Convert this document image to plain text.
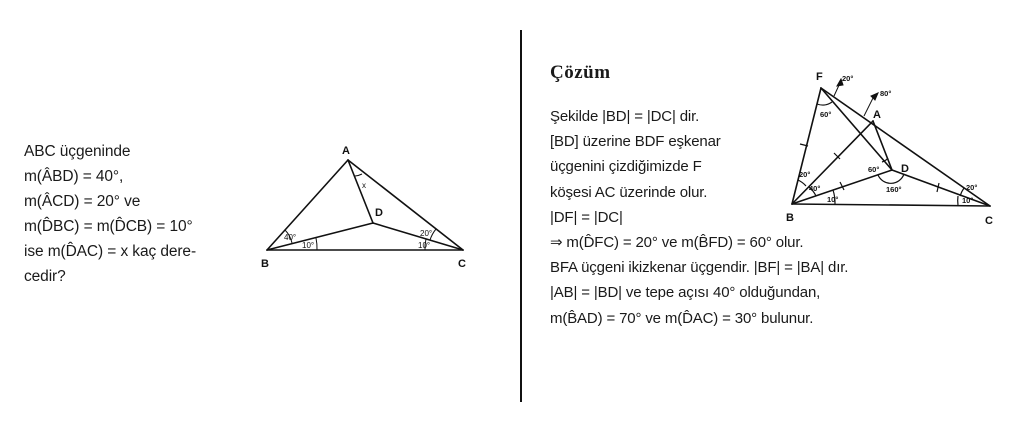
ABC üçgeninde
m(ÂBD) = 40°,
m(ÂCD) = 20° ve
m(D̂BC) = m(D̂CB) = 10°
ise m(D̂AC) = x kaç dere-
cedir?
A
B	C
D
40°
10°
20°
10°
x
Çözüm
Şekilde |BD| = |DC| dir.
[BD] üzerine BDF eşkenar
üçgenini çizdiğimizde F
köşesi AC üzerinde olur.
|DF| = |DC|
⇒ m(D̂FC) = 20° ve m(B̂FD) = 60° olur.
BFA üçgeni ikizkenar üçgendir. |BF| = |BA| dır.
|AB| = |BD| ve tepe açısı 40° olduğundan,
m(B̂AD) = 70° ve m(D̂AC) = 30° bulunur.
F
A
B	C
D
20°
80°
60°
60°
160°
20°
40°
10°
20°
10°
